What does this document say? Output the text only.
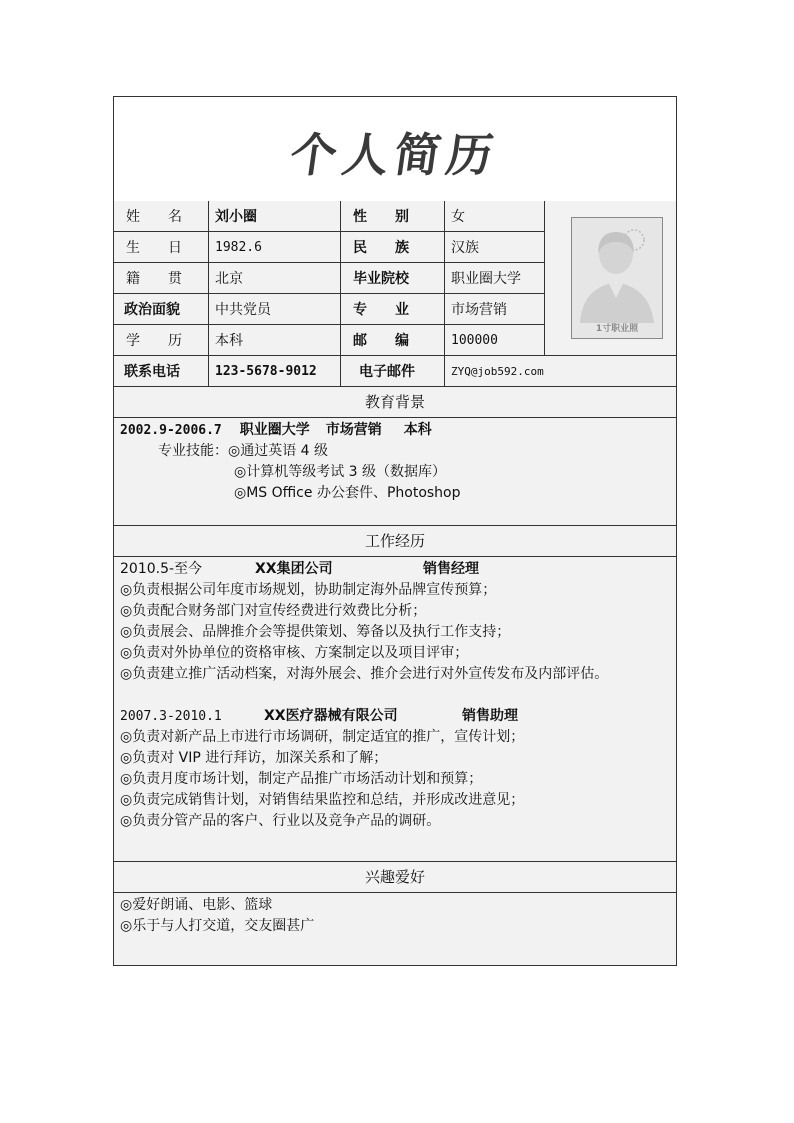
个人简历
姓　　名	刘小圈	性　　别	女
生　　日	1982.6	民　　族	汉族
籍　　贯	北京	毕业院校	职业圈大学
政治面貌	中共党员	专　　业	市场营销
学　　历	本科	邮　　编	100000
1寸职业照
联系电话	123-5678-9012	电子邮件	ZYQ@job592.com
教育背景
2002.9-2006.7 职业圈大学 市场营销 本科
专业技能：◎通过英语 4 级
◎计算机等级考试 3 级（数据库）
◎MS Office 办公套件、Photoshop
工作经历
2010.5-至今	XX集团公司	销售经理
◎负责根据公司年度市场规划，协助制定海外品牌宣传预算；
◎负责配合财务部门对宣传经费进行效费比分析；
◎负责展会、品牌推介会等提供策划、筹备以及执行工作支持；
◎负责对外协单位的资格审核、方案制定以及项目评审；
◎负责建立推广活动档案，对海外展会、推介会进行对外宣传发布及内部评估。
2007.3-2010.1	XX医疗器械有限公司	销售助理
◎负责对新产品上市进行市场调研，制定适宜的推广，宣传计划；
◎负责对 VIP 进行拜访，加深关系和了解；
◎负责月度市场计划，制定产品推广市场活动计划和预算；
◎负责完成销售计划，对销售结果监控和总结，并形成改进意见；
◎负责分管产品的客户、行业以及竞争产品的调研。
兴趣爱好
◎爱好朗诵、电影、篮球
◎乐于与人打交道，交友圈甚广
